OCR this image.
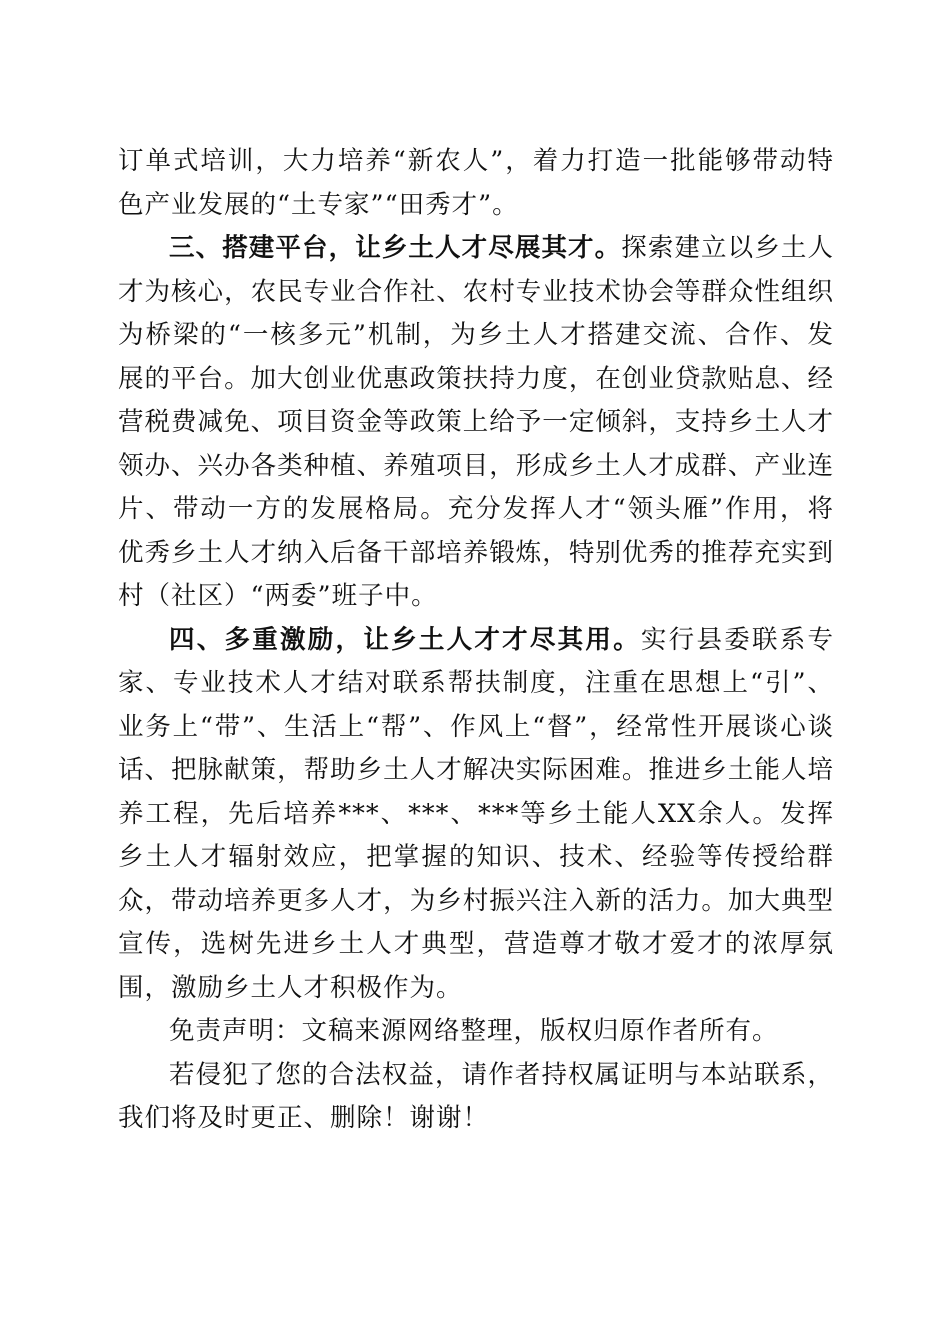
订单式培训，大力培养“新农人”，着力打造一批能够带动特色产业发展的“土专家”“田秀才”。

三、搭建平台，让乡土人才尽展其才。探索建立以乡土人才为核心，农民专业合作社、农村专业技术协会等群众性组织为桥梁的“一核多元”机制，为乡土人才搭建交流、合作、发展的平台。加大创业优惠政策扶持力度，在创业贷款贴息、经营税费减免、项目资金等政策上给予一定倾斜，支持乡土人才领办、兴办各类种植、养殖项目，形成乡土人才成群、产业连片、带动一方的发展格局。充分发挥人才“领头雁”作用，将优秀乡土人才纳入后备干部培养锻炼，特别优秀的推荐充实到村（社区）“两委”班子中。

四、多重激励，让乡土人才才尽其用。实行县委联系专家、专业技术人才结对联系帮扶制度，注重在思想上“引”、业务上“带”、生活上“帮”、作风上“督”，经常性开展谈心谈话、把脉献策，帮助乡土人才解决实际困难。推进乡土能人培养工程，先后培养***、***、***等乡土能人XX余人。发挥乡土人才辐射效应，把掌握的知识、技术、经验等传授给群众，带动培养更多人才，为乡村振兴注入新的活力。加大典型宣传，选树先进乡土人才典型，营造尊才敬才爱才的浓厚氛围，激励乡土人才积极作为。

免责声明：文稿来源网络整理，版权归原作者所有。

若侵犯了您的合法权益，请作者持权属证明与本站联系，我们将及时更正、删除！谢谢！
